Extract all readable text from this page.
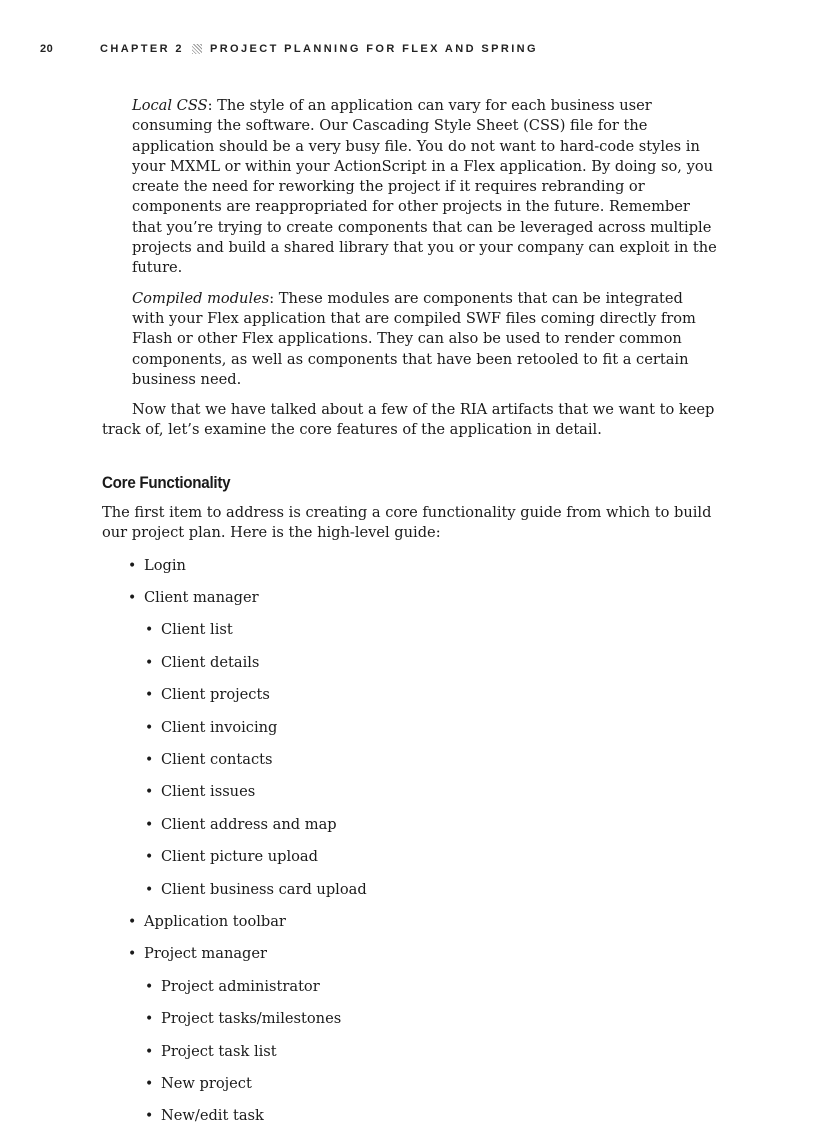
20	CHAPTER 2 PROJECT PLANNING FOR FLEX AND SPRING

Local CSS: The style of an application can vary for each business user consuming the software. Our Cascading Style Sheet (CSS) file for the application should be a very busy file. You do not want to hard-code styles in your MXML or within your ActionScript in a Flex application. By doing so, you create the need for reworking the project if it requires rebranding or components are reappropriated for other projects in the future. Remember that you’re trying to create components that can be leveraged across multiple projects and build a shared library that you or your company can exploit in the future.

Compiled modules: These modules are components that can be integrated with your Flex application that are compiled SWF files coming directly from Flash or other Flex applications. They can also be used to render common components, as well as components that have been retooled to fit a certain business need.

Now that we have talked about a few of the RIA artifacts that we want to keep track of, let’s examine the core features of the application in detail.

Core Functionality

The first item to address is creating a core functionality guide from which to build our project plan. Here is the high-level guide:

• Login
• Client manager
• Client list
• Client details
• Client projects
• Client invoicing
• Client contacts
• Client issues
• Client address and map
• Client picture upload
• Client business card upload
• Application toolbar
• Project manager
• Project administrator
• Project tasks/milestones
• Project task list
• New project
• New/edit task
